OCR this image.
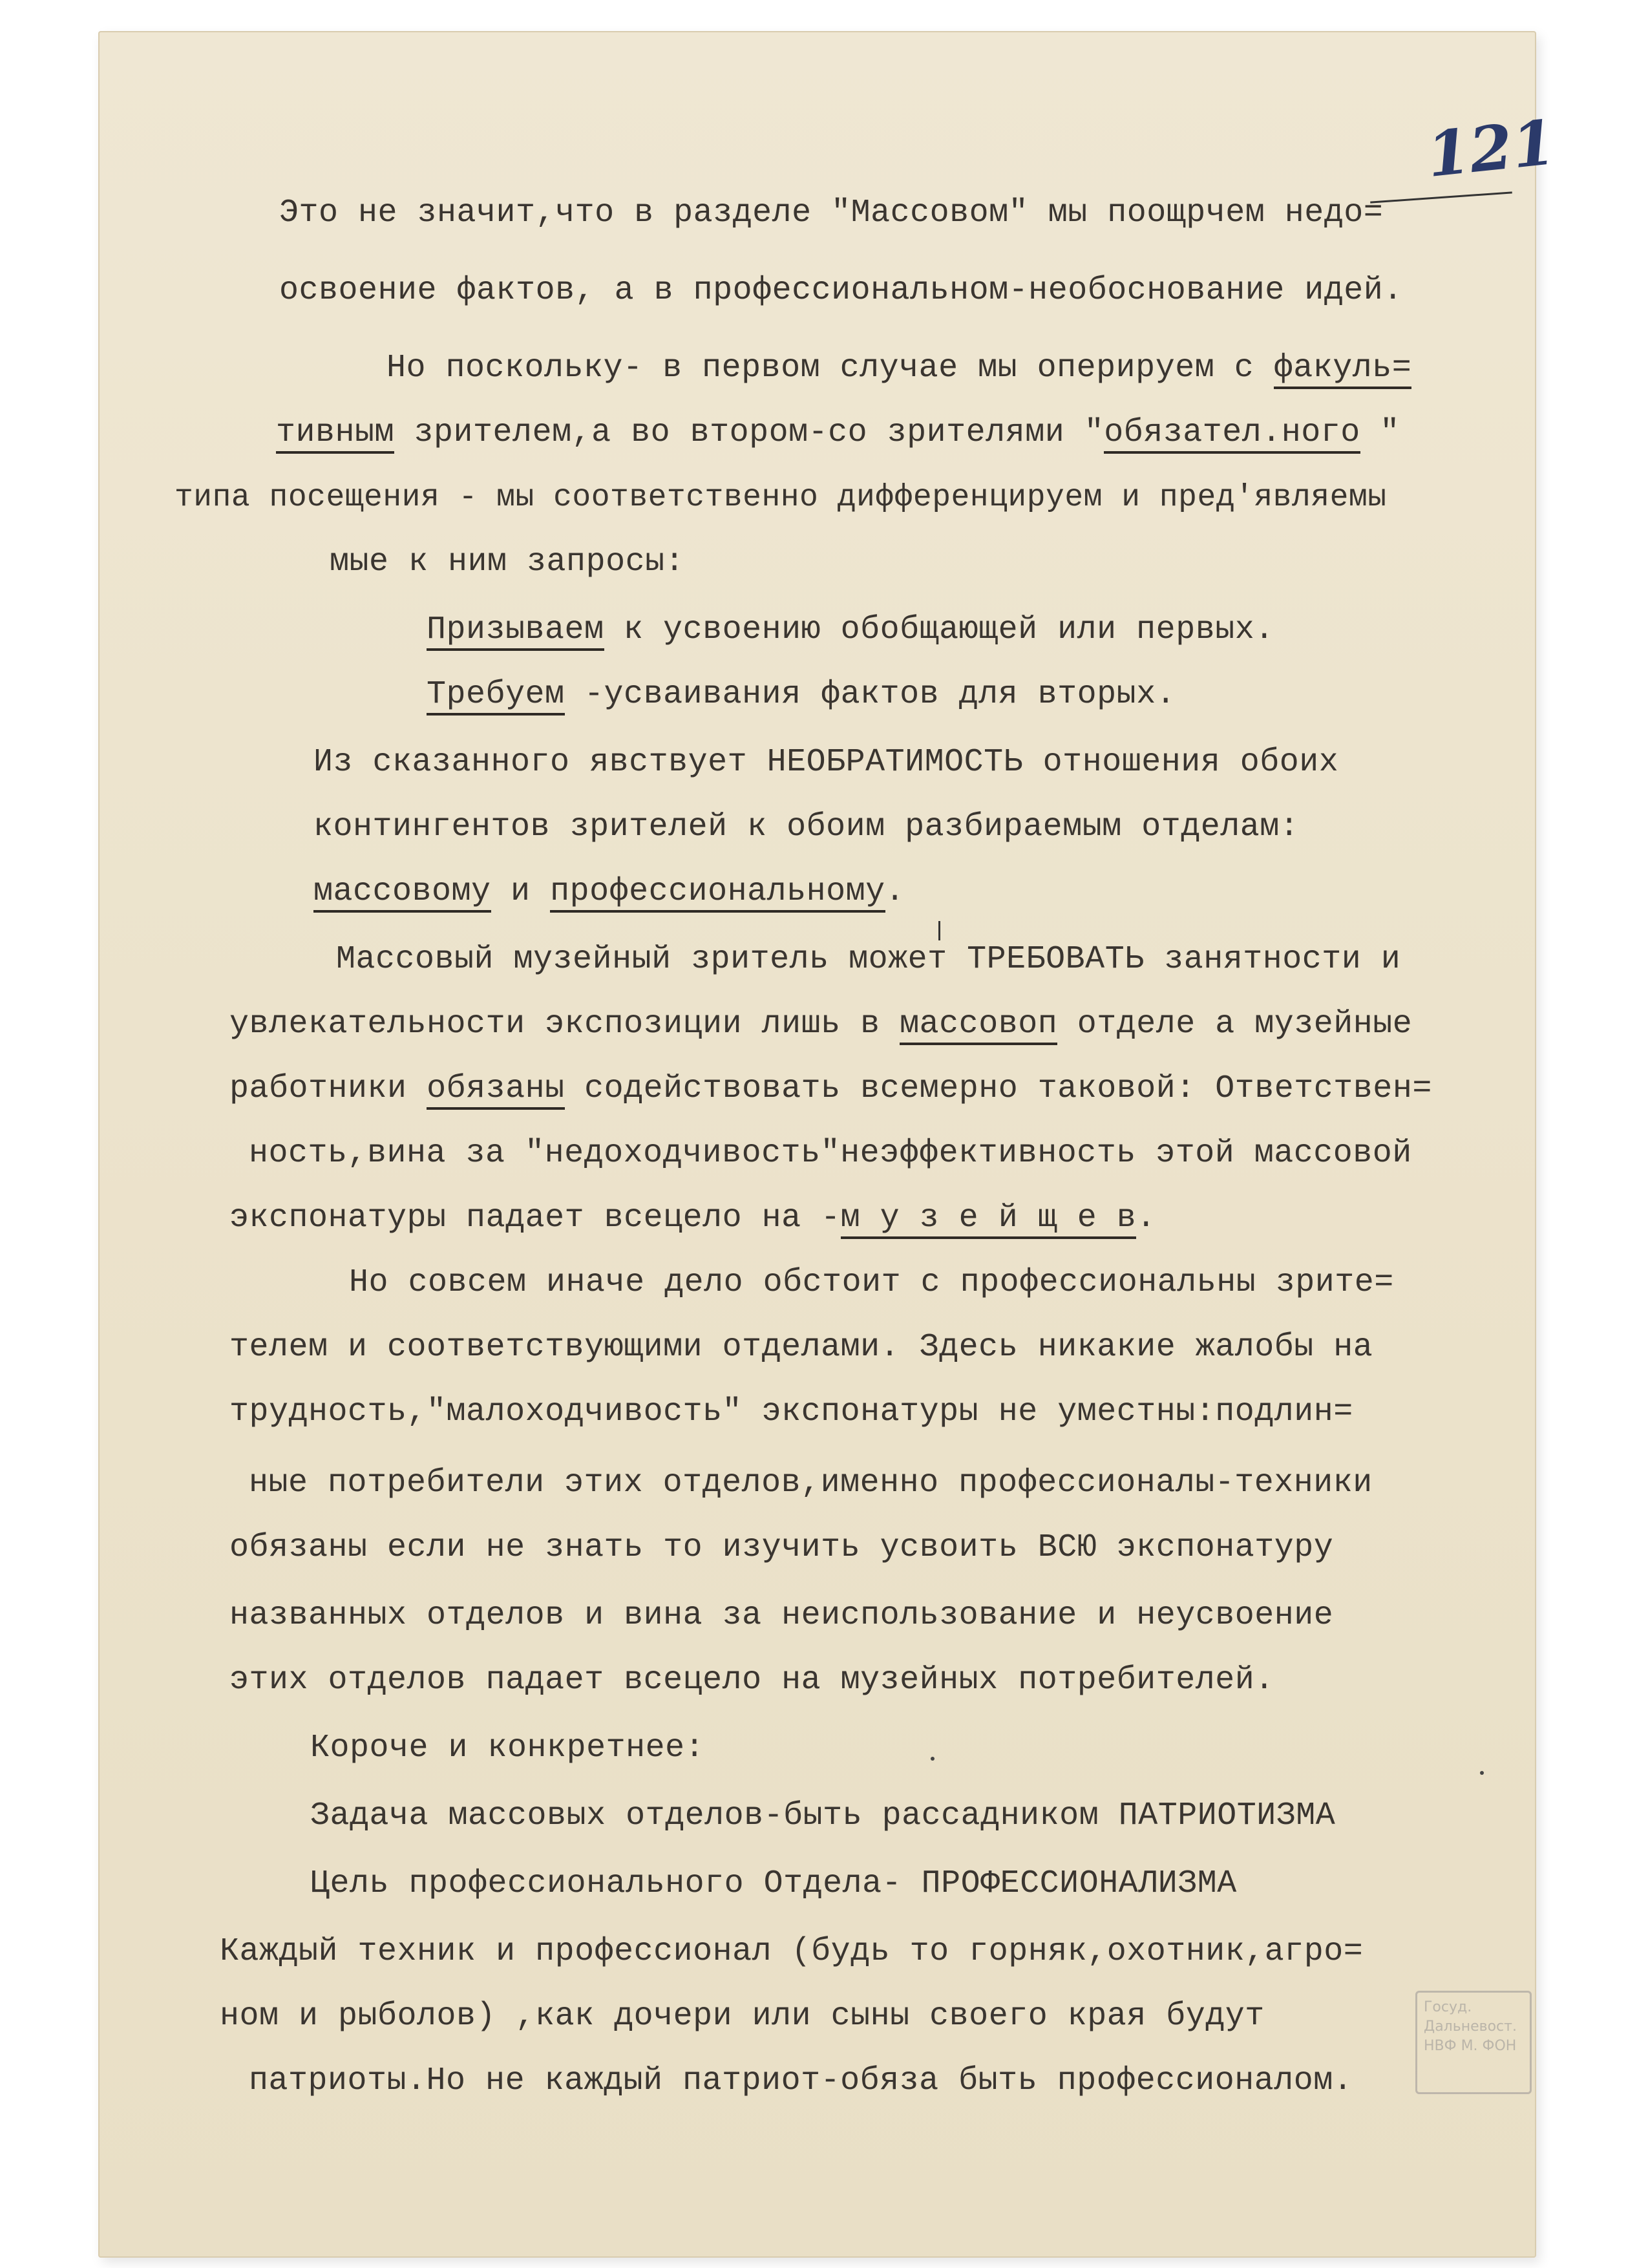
121
Это не значит,что в разделе "Массовом" мы поощрчем недо=
освоение фактов, а в профессиональном-необоснование идей.
Но поскольку- в первом случае мы оперируем с факуль=
тивным зрителем,а во втором-со зрителями "обязател.ного "
типа посещения - мы соответственно дифференцируем и пред'являемы
мые к ним запросы:
Призываем к усвоению обобщающей или первых.
Требуем -усваивания фактов для вторых.
Из сказанного явствует НЕОБРАТИМОСТЬ отношения обоих
контингентов зрителей к обоим разбираемым отделам:
массовому и профессиональному.
Массовый музейный зритель может ТРЕБОВАТЬ занятности и
увлекательности экспозиции лишь в массовоп отделе а музейные
работники обязаны содействовать всемерно таковой: Ответствен=
ность,вина за "недоходчивость"неэффективность этой массовой
экспонатуры падает всецело на -м у з е й щ е в.
Но совсем иначе дело обстоит с профессиональны зрите=
телем и соответствующими отделами. Здесь никакие жалобы на
трудность,"малоходчивость" экспонатуры не уместны:подлин=
ные потребители этих отделов,именно профессионалы-техники
обязаны если не знать то изучить усвоить ВСЮ экспонатуру
названных отделов и вина за неиспользование и неусвоение
этих отделов падает всецело на музейных потребителей.
Короче и конкретнее:
Задача массовых отделов-быть рассадником ПАТРИОТИЗМА
Цель профессионального Отдела- ПРОФЕССИОНАЛИЗМА
Каждый техник и профессионал (будь то горняк,охотник,агро=
ном и рыболов) ,как дочери или сыны своего края будут
патриоты.Но не каждый патриот-обяза быть профессионалом.
Госуд. Дальневост. НВФ М. ФОН
